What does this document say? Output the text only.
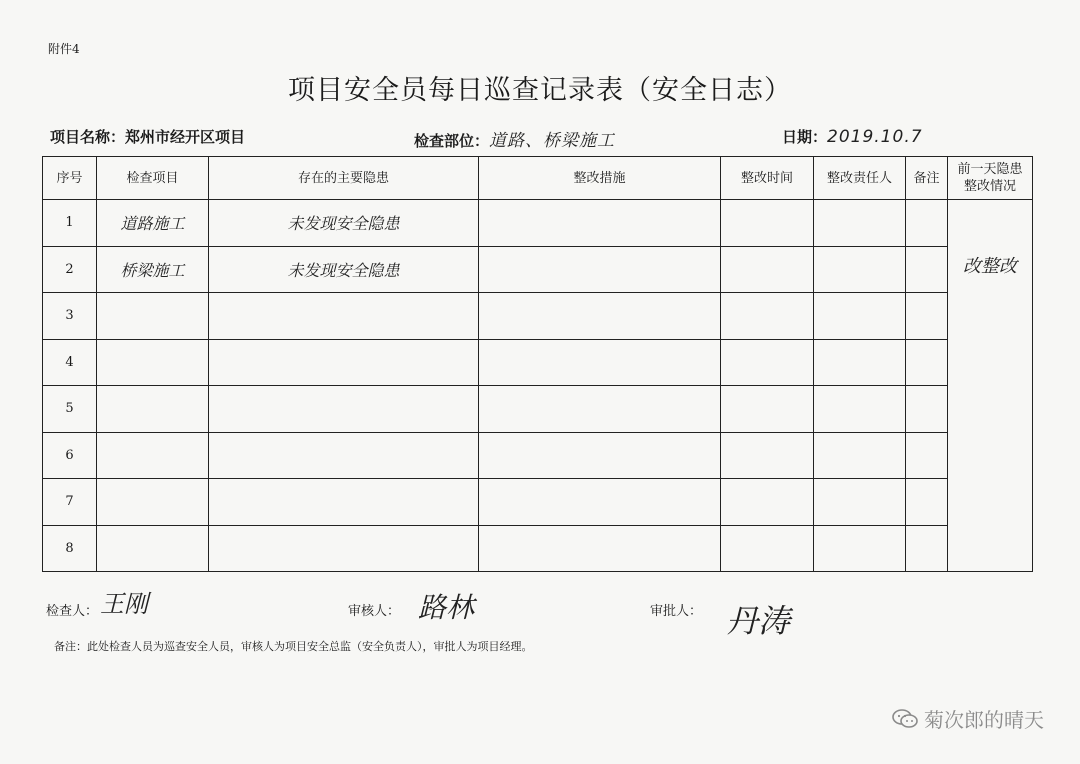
附件4
项目安全员每日巡查记录表（安全日志）
项目名称：郑州市经开区项目	检查部位：道路、桥梁施工	日期：2019.10.7
序号	检查项目	存在的主要隐患	整改措施	整改时间	整改责任人	备注	前一天隐患
整改情况
1	道路施工	未发现安全隐患					改整改

2	桥梁施工	未发现安全隐患					
3							
4							
5							
6							
7							
8							
检查人： 王刚	审核人： 路林	审批人： 丹涛
备注：此处检查人员为巡查安全人员，审核人为项目安全总监（安全负责人），审批人为项目经理。
菊次郎的晴天
